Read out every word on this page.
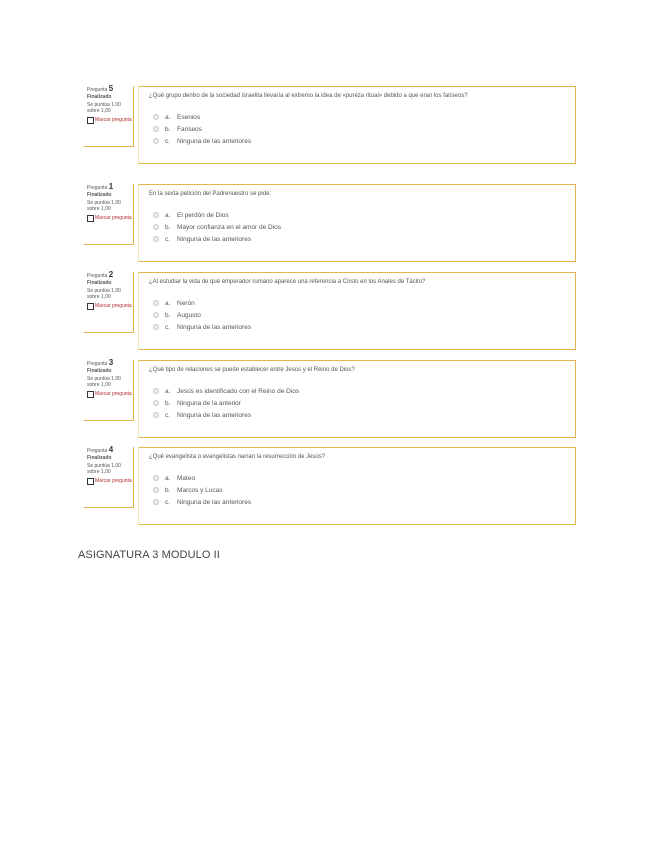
Pregunta 5
Finalizado
Se puntúa 1,00 sobre 1,00
Marcar pregunta
¿Qué grupo dentro de la sociedad israelita llevaría al extremo la idea de «pureza ritual» debido a que eran los fariseos?
a.	Esenios
b.	Fariseos
c.	Ninguna de las anteriores
Pregunta 1
Finalizado
Se puntúa 1,00 sobre 1,00
Marcar pregunta
En la sexta petición del Padrenuestro se pide:
a.	El perdón de Dios
b.	Mayor confianza en el amor de Dios
c.	Ninguna de las anteriores
Pregunta 2
Finalizado
Se puntúa 1,00 sobre 1,00
Marcar pregunta
¿Al estudiar la vida de qué emperador romano aparece una referencia a Cristo en los Anales de Tácito?
a.	Nerón
b.	Augusto
c.	Ninguna de las anteriores
Pregunta 3
Finalizado
Se puntúa 1,00 sobre 1,00
Marcar pregunta
¿Qué tipo de relaciones se puede establecer entre Jesús y el Reino de Dios?
a.	Jesús es identificado con el Reino de Dios
b.	Ninguna de la anterior
c.	Ninguna de las anteriores
Pregunta 4
Finalizado
Se puntúa 1,00 sobre 1,00
Marcar pregunta
¿Qué evangelista o evangelistas narran la resurrección de Jesús?
a.	Mateo
b.	Marcos y Lucas
c.	Ninguna de las anteriores
ASIGNATURA 3 MODULO II
